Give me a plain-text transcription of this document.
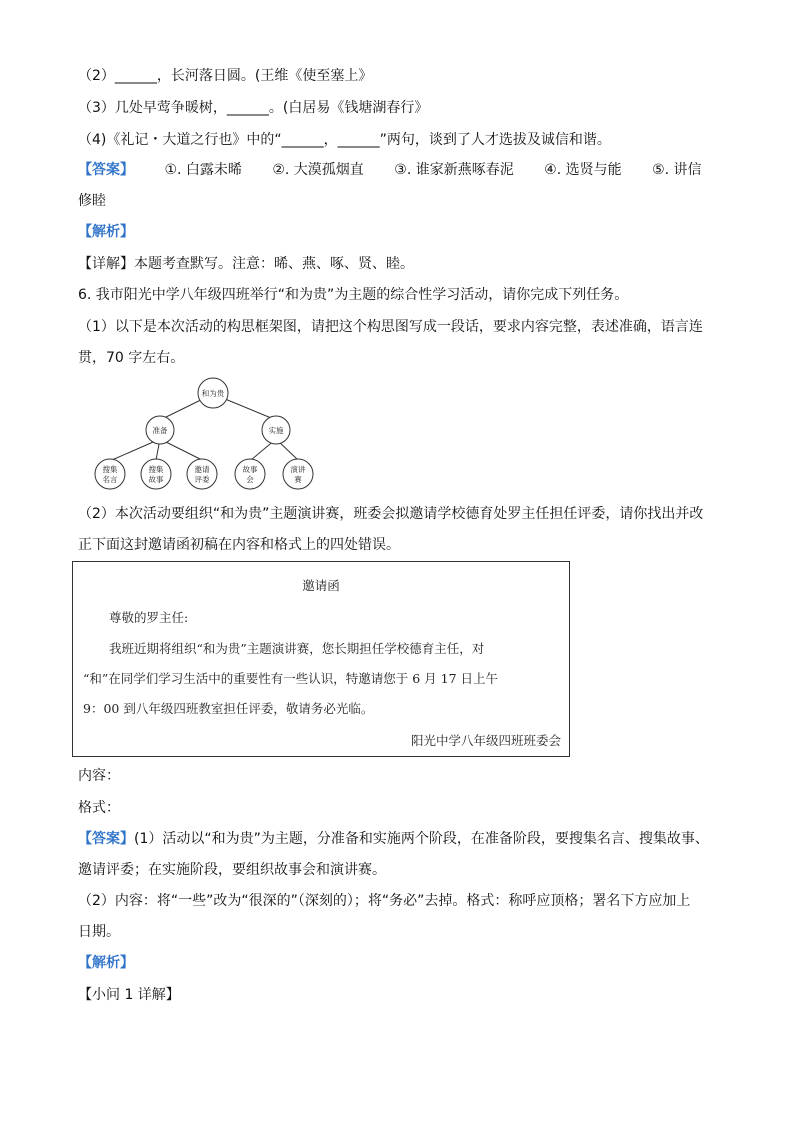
（2）______，长河落日圆。(王维《使至塞上》
（3）几处早莺争暖树，______。(白居易《钱塘湖春行》
（4)《礼记・大道之行也》中的“______，______”两句，谈到了人才选拔及诚信和谐。
【答案】 ①. 白露未晞 ②. 大漠孤烟直 ③. 谁家新燕啄春泥 ④. 选贤与能 ⑤. 讲信
修睦
【解析】
【详解】本题考查默写。注意：晞、燕、啄、贤、睦。
6. 我市阳光中学八年级四班举行“和为贵”为主题的综合性学习活动，请你完成下列任务。
（1）以下是本次活动的构思框架图，请把这个构思图写成一段话，要求内容完整，表述准确，语言连
贯，70 字左右。
和为贵
准备	实施
搜集
名言
搜集
故事
邀请
评委
故事
会
演讲
赛
（2）本次活动要组织“和为贵”主题演讲赛，班委会拟邀请学校德育处罗主任担任评委，请你找出并改
正下面这封邀请函初稿在内容和格式上的四处错误。
邀请函
尊敬的罗主任:
我班近期将组织“和为贵”主题演讲赛，您长期担任学校德育主任，对
“和”在同学们学习生活中的重要性有一些认识，特邀请您于 6 月 17 日上午
9：00 到八年级四班教室担任评委，敬请务必光临。
阳光中学八年级四班班委会
内容：
格式：
【答案】(1）活动以“和为贵”为主题，分准备和实施两个阶段，在准备阶段，要搜集名言、搜集故事、
邀请评委；在实施阶段，要组织故事会和演讲赛。
（2）内容：将“一些”改为“很深的”（深刻的）；将“务必”去掉。格式：称呼应顶格；署名下方应加上
日期。
【解析】
【小问 1 详解】
